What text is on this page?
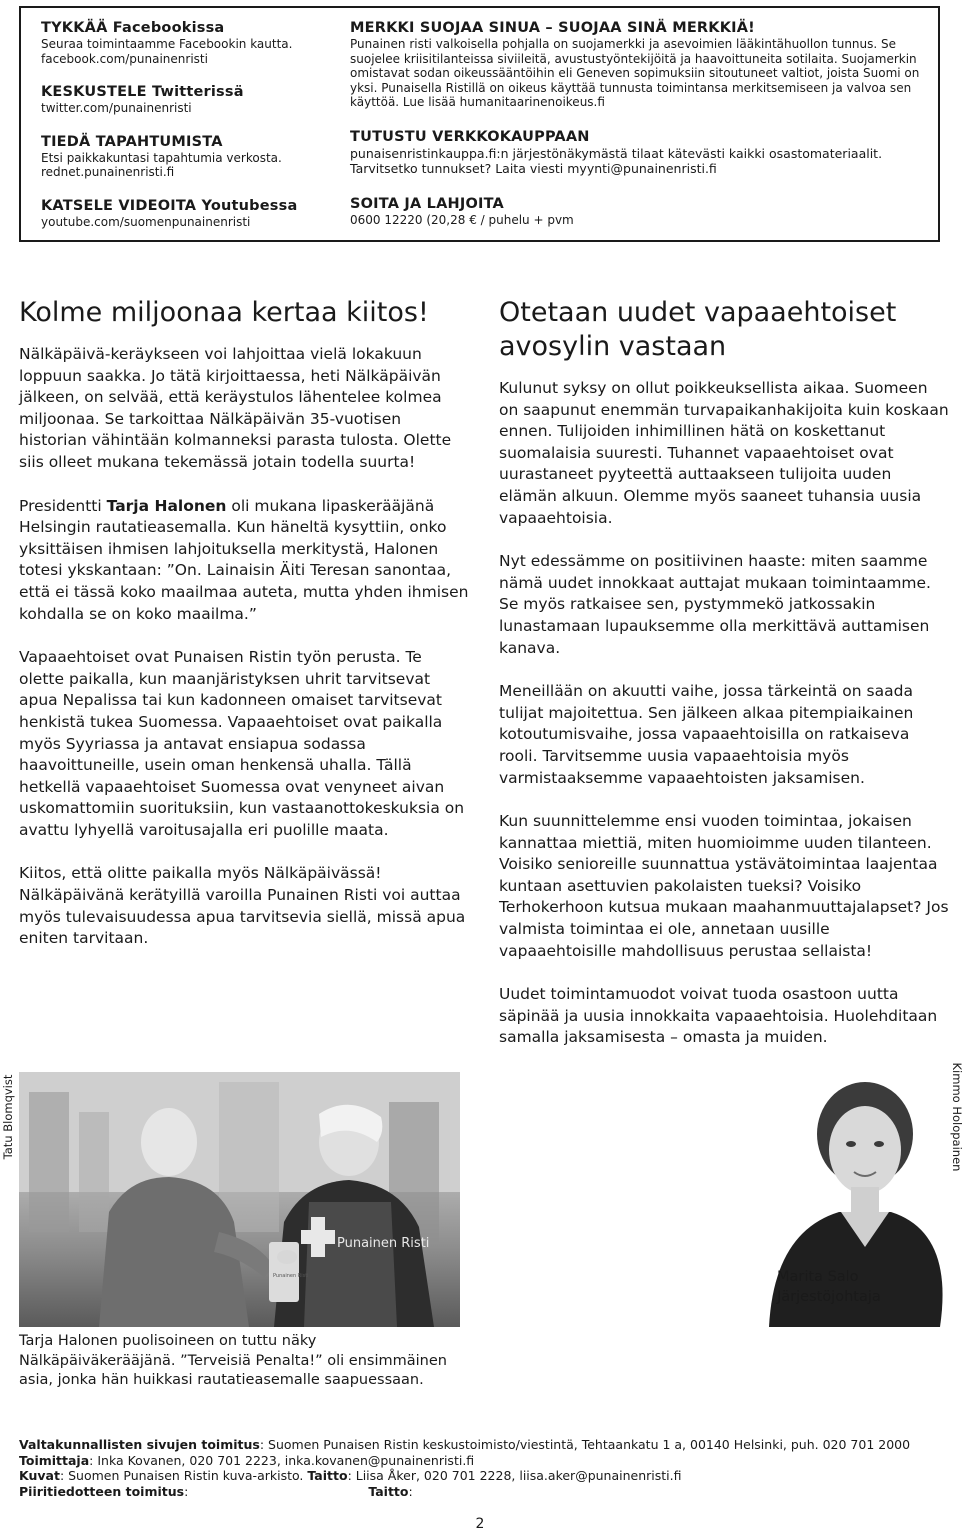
TYKKÄÄ Facebookissa
Seuraa toimintaamme Facebookin kautta.
facebook.com/punainenristi
KESKUSTELE Twitterissä
twitter.com/punainenristi
TIEDÄ TAPAHTUMISTA
Etsi paikkakuntasi tapahtumia verkosta.
rednet.punainenristi.fi
KATSELE VIDEOITA Youtubessa
youtube.com/suomenpunainenristi
MERKKI SUOJAA SINUA – SUOJAA SINÄ MERKKIÄ!
Punainen risti valkoisella pohjalla on suojamerkki ja asevoimien lääkintähuollon tunnus. Se suojelee kriisitilanteissa siviileitä, avustustyöntekijöitä ja haavoittuneita sotilaita. Suojamerkin omistavat sodan oikeussääntöihin eli Geneven sopimuksiin sitoutuneet valtiot, joista Suomi on yksi. Punaisella Ristillä on oikeus käyttää tunnusta toimintansa merkitsemiseen ja valvoa sen käyttöä. Lue lisää humanitaarinenoikeus.fi
TUTUSTU VERKKOKAUPPAAN
punaisenristinkauppa.fi:n järjestönäkymästä tilaat kätevästi kaikki osastomateriaalit.
Tarvitsetko tunnukset? Laita viesti myynti@punainenristi.fi
SOITA JA LAHJOITA
0600 12220 (20,28 € / puhelu + pvm
Kolme miljoonaa kertaa kiitos!

Nälkäpäivä-keräykseen voi lahjoittaa vielä lokakuun loppuun saakka. Jo tätä kirjoittaessa, heti Nälkäpäivän jälkeen, on selvää, että keräystulos lähentelee kolmea miljoonaa. Se tarkoittaa Nälkäpäivän 35-vuotisen historian vähintään kolmanneksi parasta tulosta. Olette siis olleet mukana tekemässä jotain todella suurta!

Presidentti Tarja Halonen oli mukana lipaskerääjänä Helsingin rautatieasemalla. Kun häneltä kysyttiin, onko yksittäisen ihmisen lahjoituksella merkitystä, Halonen totesi ykskantaan: ”On. Lainaisin Äiti Teresan sanontaa, että ei tässä koko maailmaa auteta, mutta yhden ihmisen kohdalla se on koko maailma.”

Vapaaehtoiset ovat Punaisen Ristin työn perusta. Te olette paikalla, kun maanjäristyksen uhrit tarvitsevat apua Nepalissa tai kun kadonneen omaiset tarvitsevat henkistä tukea Suomessa. Vapaaehtoiset ovat paikalla myös Syyriassa ja antavat ensiapua sodassa haavoittuneille, usein oman henkensä uhalla. Tällä hetkellä vapaaehtoiset Suomessa ovat venyneet aivan uskomattomiin suorituksiin, kun vastaanottokeskuksia on avattu lyhyellä varoitusajalla eri puolille maata.

Kiitos, että olitte paikalla myös Nälkäpäivässä! Nälkäpäivänä kerätyillä varoilla Punainen Risti voi auttaa myös tulevaisuudessa apua tarvitsevia siellä, missä apua eniten tarvitaan.

Otetaan uudet vapaaehtoiset avosylin vastaan

Kulunut syksy on ollut poikkeuksellista aikaa. Suomeen on saapunut enemmän turvapaikanhakijoita kuin koskaan ennen. Tulijoiden inhimillinen hätä on koskettanut suomalaisia suuresti. Tuhannet vapaaehtoiset ovat uurastaneet pyyteettä auttaakseen tulijoita uuden elämän alkuun. Olemme myös saaneet tuhansia uusia vapaaehtoisia.

Nyt edessämme on positiivinen haaste: miten saamme nämä uudet innokkaat auttajat mukaan toimintaamme. Se myös ratkaisee sen, pystymmekö jatkossakin lunastamaan lupauksemme olla merkittävä auttamisen kanava.

Meneillään on akuutti vaihe, jossa tärkeintä on saada tulijat majoitettua. Sen jälkeen alkaa pitempiaikainen kotoutumisvaihe, jossa vapaaehtoisilla on ratkaiseva rooli. Tarvitsemme uusia vapaaehtoisia myös varmistaaksemme vapaaehtoisten jaksamisen.

Kun suunnittelemme ensi vuoden toimintaa, jokaisen kannattaa miettiä, miten huomioimme uuden tilanteen. Voisiko senioreille suunnattua ystävätoimintaa laajentaa kuntaan asettuvien pakolaisten tueksi? Voisiko Terhokerhoon kutsua mukaan maahanmuuttajalapset? Jos valmista toimintaa ei ole, annetaan uusille vapaaehtoisille mahdollisuus perustaa sellaista!

Uudet toimintamuodot voivat tuoda osastoon uutta säpinää ja uusia innokkaita vapaaehtoisia. Huolehditaan samalla jaksamisesta – omasta ja muiden.

Tatu Blomqvist
Punainen Risti
Punainen Risti
Kimmo Holopainen
Tarja Halonen puolisoineen on tuttu näky Nälkäpäiväkerääjänä. ”Terveisiä Penalta!” oli ensimmäinen asia, jonka hän huikkasi rautatieasemalle saapuessaan.
Marita Salo
Järjestöjohtaja
Valtakunnallisten sivujen toimitus: Suomen Punaisen Ristin keskustoimisto/viestintä, Tehtaankatu 1 a, 00140 Helsinki, puh. 020 701 2000
Toimittaja: Inka Kovanen, 020 701 2223, inka.kovanen@punainenristi.fi
Kuvat: Suomen Punaisen Ristin kuva-arkisto. Taitto: Liisa Åker, 020 701 2228, liisa.aker@punainenristi.fi
Piiritiedotteen toimitus:	Taitto:
2
